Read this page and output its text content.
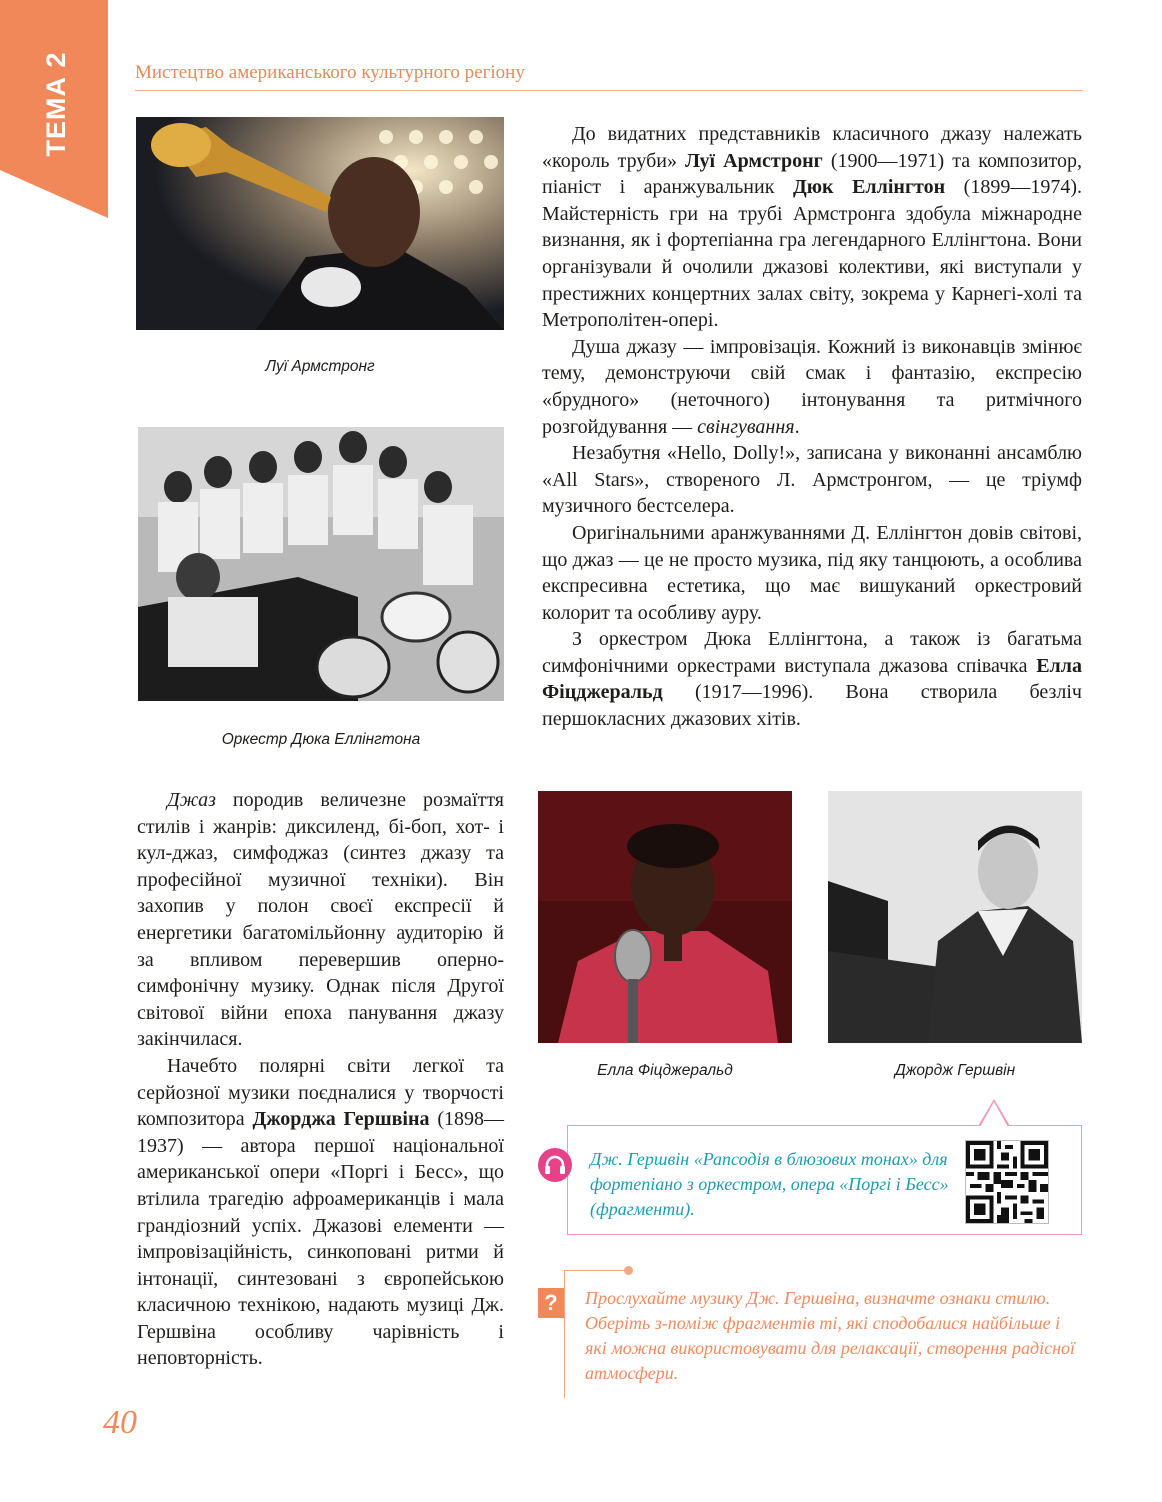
ТЕМА 2	Мистецтво американського культурного регіону
Луї Армстронг
Оркестр Дюка Еллінгтона

До видатних представників класичного джазу належать «король труби» Луї Армстронг (1900—1971) та композитор, піаніст і аранжувальник Дюк Еллінгтон (1899—1974). Майстерність гри на трубі Армстронга здобула міжнародне визнання, як і фортепіанна гра легендарного Еллінгтона. Вони організували й очолили джазові колективи, які виступали у престижних концертних залах світу, зокрема у Карнегі-холі та Метрополітен-опері.

Душа джазу — імпровізація. Кожний із виконавців змінює тему, демонструючи свій смак і фантазію, експресію «брудного» (неточного) інтонування та ритмічного розгойдування — свінгування.

Незабутня «Hello, Dolly!», записана у виконанні ансамблю «All Stars», створеного Л. Армстронгом, — це тріумф музичного бестселера.

Оригінальними аранжуваннями Д. Еллінгтон довів світові, що джаз — це не просто музика, під яку танцюють, а особлива експресивна естетика, що має вишуканий оркестровий колорит та особливу ауру.

З оркестром Дюка Еллінгтона, а також із багатьма симфонічними оркестрами виступала джазова співачка Елла Фіцджеральд (1917—1996). Вона створила безліч першокласних джазових хітів.

Елла Фіцджеральд	Джордж Гершвін

Джаз породив величезне розмаїття стилів і жанрів: диксиленд, бі-боп, хот- і кул-джаз, симфоджаз (синтез джазу та професійної музичної техніки). Він захопив у полон своєї експресії й енергетики багатомільйонну аудиторію й за впливом перевершив оперно-симфонічну музику. Однак після Другої світової війни епоха панування джазу закінчилася.

Начебто полярні світи легкої та серйозної музики поєдналися у творчості композитора Джорджа Гершвіна (1898—1937) — автора першої національної американської опери «Поргі і Бесс», що втілила трагедію афроамериканців і мала грандіозний успіх. Джазові елементи — імпровізаційність, синкоповані ритми й інтонації, синтезовані з європейською класичною технікою, надають музиці Дж. Гершвіна особливу чарівність і неповторність.

Дж. Гершвін «Рапсодія в блюзових тонах» для фортепіано з оркестром, опера «Поргі і Бесс» (фрагменти).
?	Прослухайте музику Дж. Гершвіна, визначте ознаки стилю. Оберіть з-поміж фрагментів ті, які сподобалися найбільше і які можна використовувати для релаксації, створення радісної атмосфери.
40
